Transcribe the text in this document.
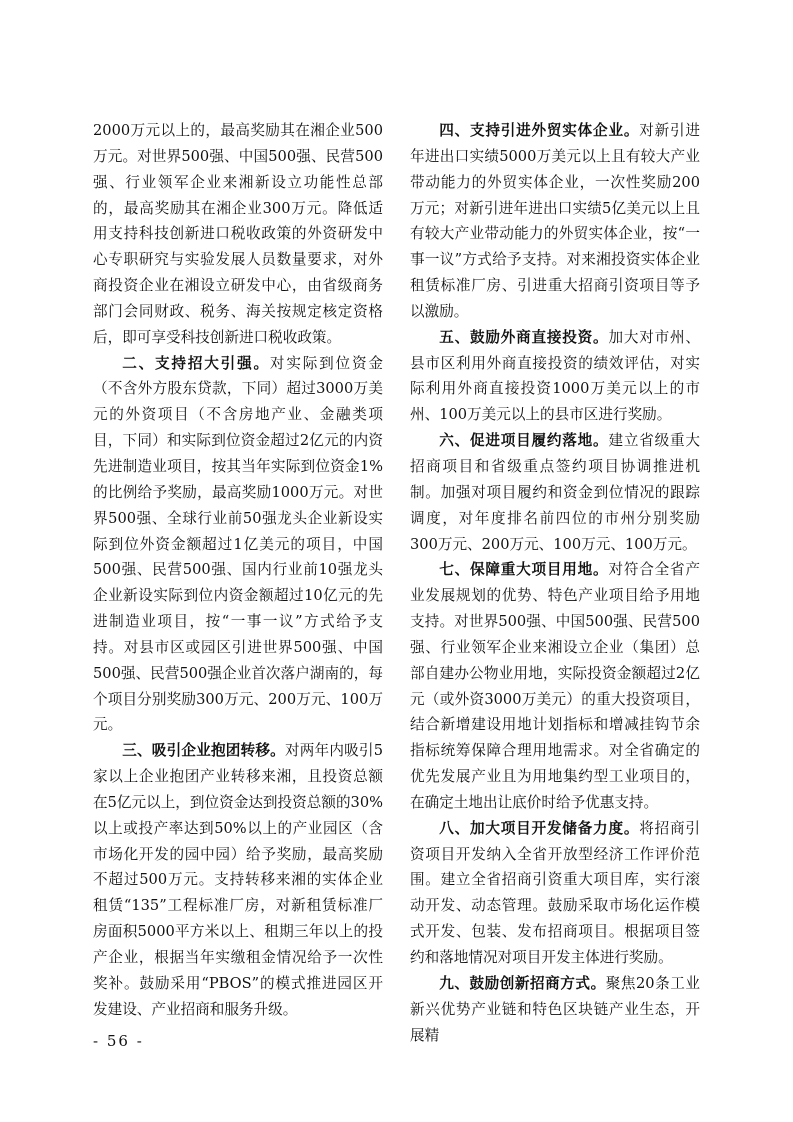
2000万元以上的，最高奖励其在湘企业500万元。对世界500强、中国500强、民营500强、行业领军企业来湘新设立功能性总部的，最高奖励其在湘企业300万元。降低适用支持科技创新进口税收政策的外资研发中心专职研究与实验发展人员数量要求，对外商投资企业在湘设立研发中心，由省级商务部门会同财政、税务、海关按规定核定资格后，即可享受科技创新进口税收政策。

二、支持招大引强。对实际到位资金（不含外方股东贷款，下同）超过3000万美元的外资项目（不含房地产业、金融类项目，下同）和实际到位资金超过2亿元的内资先进制造业项目，按其当年实际到位资金1%的比例给予奖励，最高奖励1000万元。对世界500强、全球行业前50强龙头企业新设实际到位外资金额超过1亿美元的项目，中国500强、民营500强、国内行业前10强龙头企业新设实际到位内资金额超过10亿元的先进制造业项目，按“一事一议”方式给予支持。对县市区或园区引进世界500强、中国500强、民营500强企业首次落户湖南的，每个项目分别奖励300万元、200万元、100万元。

三、吸引企业抱团转移。对两年内吸引5家以上企业抱团产业转移来湘，且投资总额在5亿元以上，到位资金达到投资总额的30%以上或投产率达到50%以上的产业园区（含市场化开发的园中园）给予奖励，最高奖励不超过500万元。支持转移来湘的实体企业租赁“135”工程标准厂房，对新租赁标准厂房面积5000平方米以上、租期三年以上的投产企业，根据当年实缴租金情况给予一次性奖补。鼓励采用“PBOS”的模式推进园区开发建设、产业招商和服务升级。

四、支持引进外贸实体企业。对新引进年进出口实绩5000万美元以上且有较大产业带动能力的外贸实体企业，一次性奖励200万元；对新引进年进出口实绩5亿美元以上且有较大产业带动能力的外贸实体企业，按“一事一议”方式给予支持。对来湘投资实体企业租赁标准厂房、引进重大招商引资项目等予以激励。

五、鼓励外商直接投资。加大对市州、县市区利用外商直接投资的绩效评估，对实际利用外商直接投资1000万美元以上的市州、100万美元以上的县市区进行奖励。

六、促进项目履约落地。建立省级重大招商项目和省级重点签约项目协调推进机制。加强对项目履约和资金到位情况的跟踪调度，对年度排名前四位的市州分别奖励300万元、200万元、100万元、100万元。

七、保障重大项目用地。对符合全省产业发展规划的优势、特色产业项目给予用地支持。对世界500强、中国500强、民营500强、行业领军企业来湘设立企业（集团）总部自建办公物业用地，实际投资金额超过2亿元（或外资3000万美元）的重大投资项目，结合新增建设用地计划指标和增减挂钩节余指标统筹保障合理用地需求。对全省确定的优先发展产业且为用地集约型工业项目的，在确定土地出让底价时给予优惠支持。

八、加大项目开发储备力度。将招商引资项目开发纳入全省开放型经济工作评价范围。建立全省招商引资重大项目库，实行滚动开发、动态管理。鼓励采取市场化运作模式开发、包装、发布招商项目。根据项目签约和落地情况对项目开发主体进行奖励。

九、鼓励创新招商方式。聚焦20条工业新兴优势产业链和特色区块链产业生态，开展精

- 56 -
